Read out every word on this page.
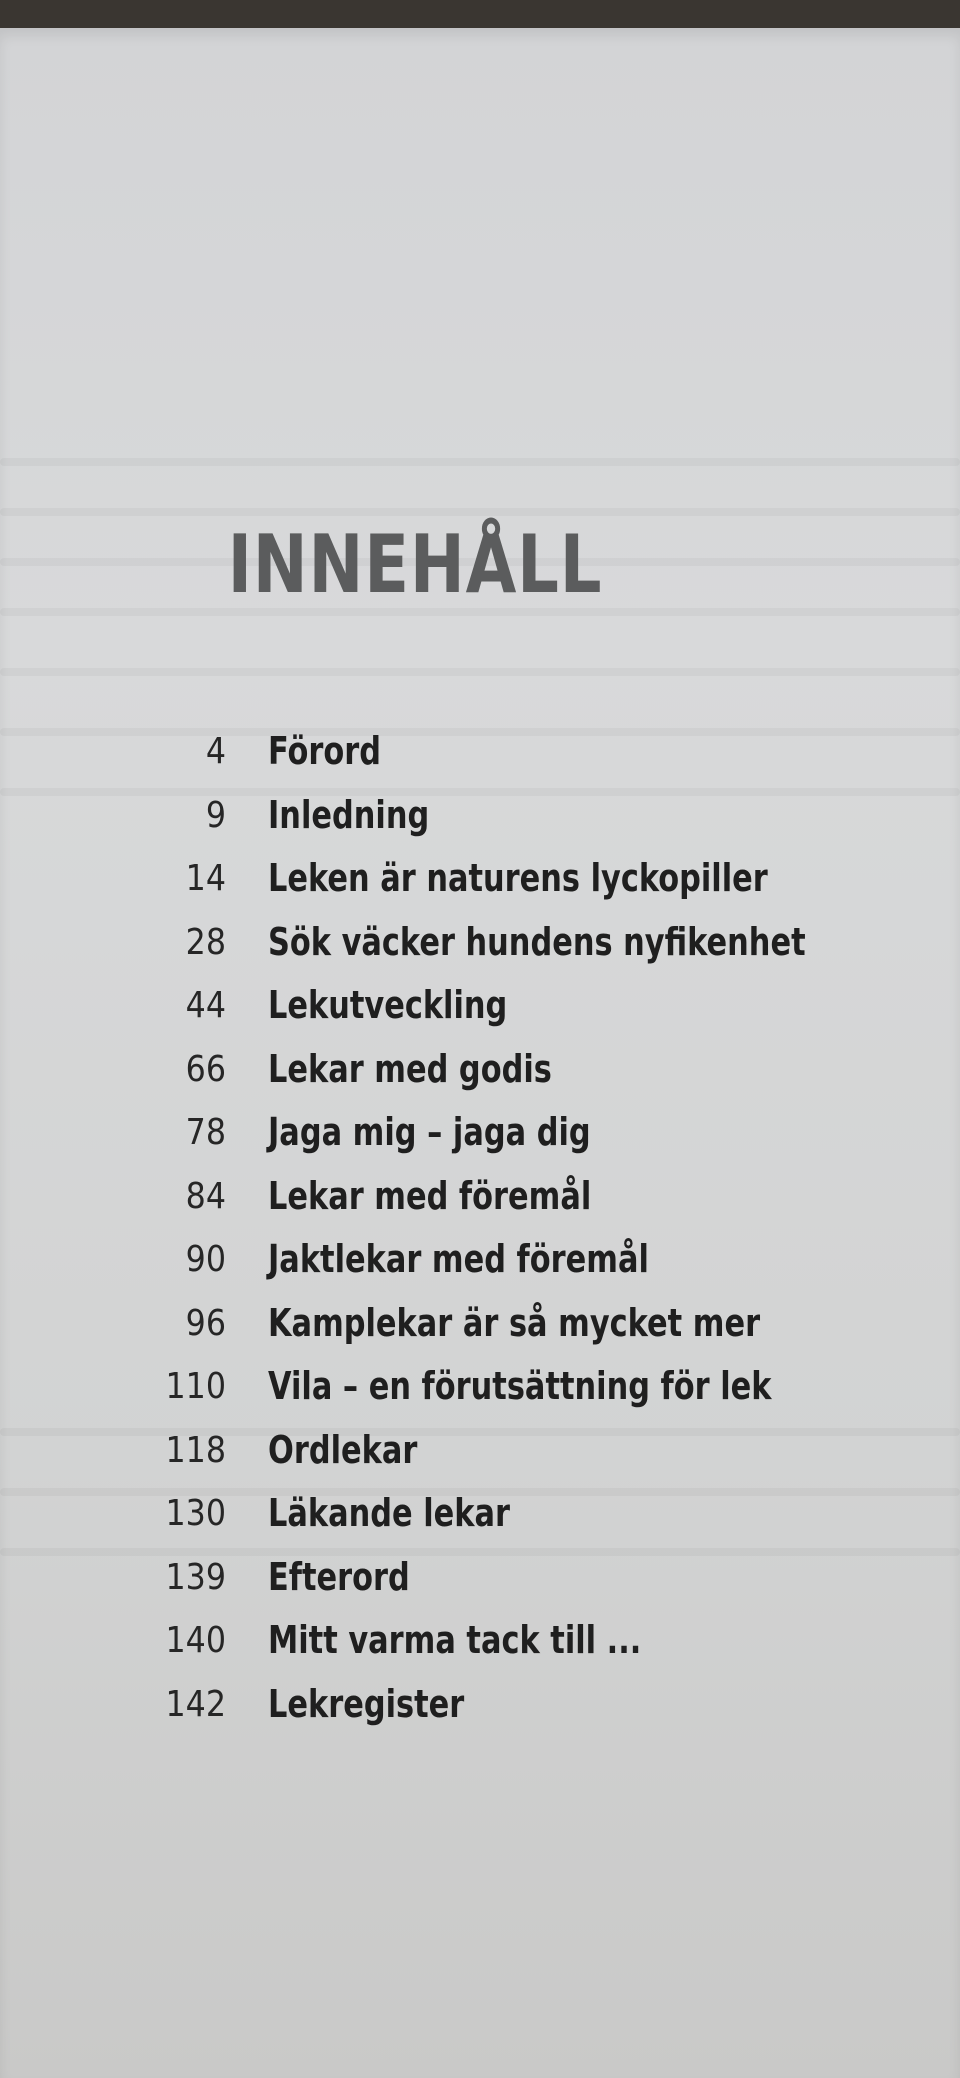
INNEHÅLL
4 Förord
9 Inledning
14 Leken är naturens lyckopiller
28 Sök väcker hundens nyfikenhet
44 Lekutveckling
66 Lekar med godis
78 Jaga mig – jaga dig
84 Lekar med föremål
90 Jaktlekar med föremål
96 Kamplekar är så mycket mer
110 Vila – en förutsättning för lek
118 Ordlekar
130 Läkande lekar
139 Efterord
140 Mitt varma tack till ...
142 Lekregister
